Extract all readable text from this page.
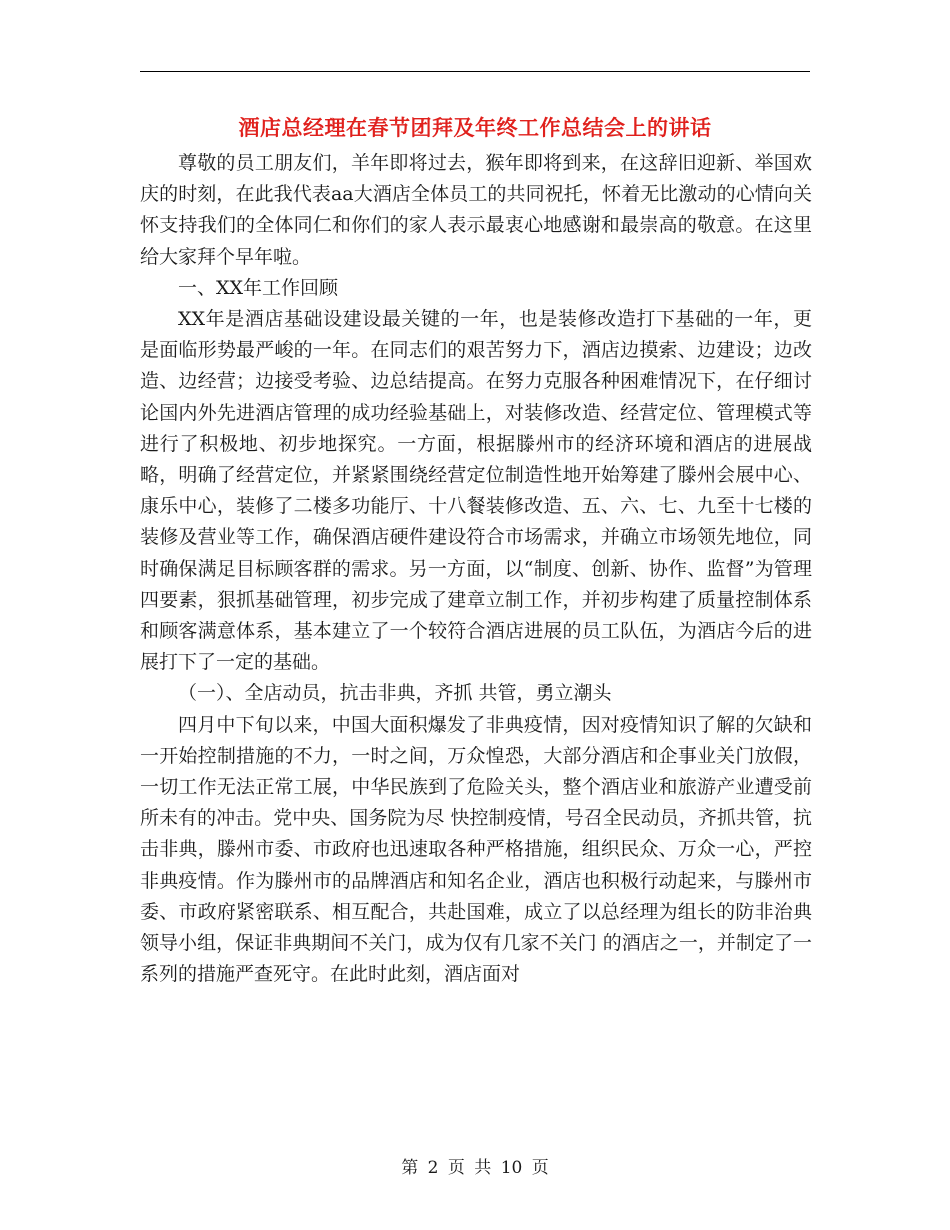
酒店总经理在春节团拜及年终工作总结会上的讲话

尊敬的员工朋友们，羊年即将过去，猴年即将到来，在这辞旧迎新、举国欢庆的时刻，在此我代表aa大酒店全体员工的共同祝托，怀着无比激动的心情向关怀支持我们的全体同仁和你们的家人表示最衷心地感谢和最崇高的敬意。在这里给大家拜个早年啦。

一、XX年工作回顾

XX年是酒店基础设建设最关键的一年，也是装修改造打下基础的一年，更是面临形势最严峻的一年。在同志们的艰苦努力下，酒店边摸索、边建设；边改造、边经营；边接受考验、边总结提高。在努力克服各种困难情况下，在仔细讨论国内外先进酒店管理的成功经验基础上，对装修改造、经营定位、管理模式等进行了积极地、初步地探究。一方面，根据滕州市的经济环境和酒店的进展战略，明确了经营定位，并紧紧围绕经营定位制造性地开始筹建了滕州会展中心、康乐中心，装修了二楼多功能厅、十八餐装修改造、五、六、七、九至十七楼的装修及营业等工作，确保酒店硬件建设符合市场需求，并确立市场领先地位，同时确保满足目标顾客群的需求。另一方面，以“制度、创新、协作、监督”为管理四要素，狠抓基础管理，初步完成了建章立制工作，并初步构建了质量控制体系和顾客满意体系，基本建立了一个较符合酒店进展的员工队伍，为酒店今后的进展打下了一定的基础。

（一）、全店动员，抗击非典，齐抓 共管，勇立潮头

四月中下旬以来，中国大面积爆发了非典疫情，因对疫情知识了解的欠缺和一开始控制措施的不力，一时之间，万众惶恐，大部分酒店和企事业关门放假，一切工作无法正常工展，中华民族到了危险关头，整个酒店业和旅游产业遭受前所未有的冲击。党中央、国务院为尽 快控制疫情，号召全民动员，齐抓共管，抗击非典，滕州市委、市政府也迅速取各种严格措施，组织民众、万众一心，严控非典疫情。作为滕州市的品牌酒店和知名企业，酒店也积极行动起来，与滕州市委、市政府紧密联系、相互配合，共赴国难，成立了以总经理为组长的防非治典领导小组，保证非典期间不关门，成为仅有几家不关门 的酒店之一，并制定了一系列的措施严查死守。在此时此刻，酒店面对

第 2 页 共 10 页
